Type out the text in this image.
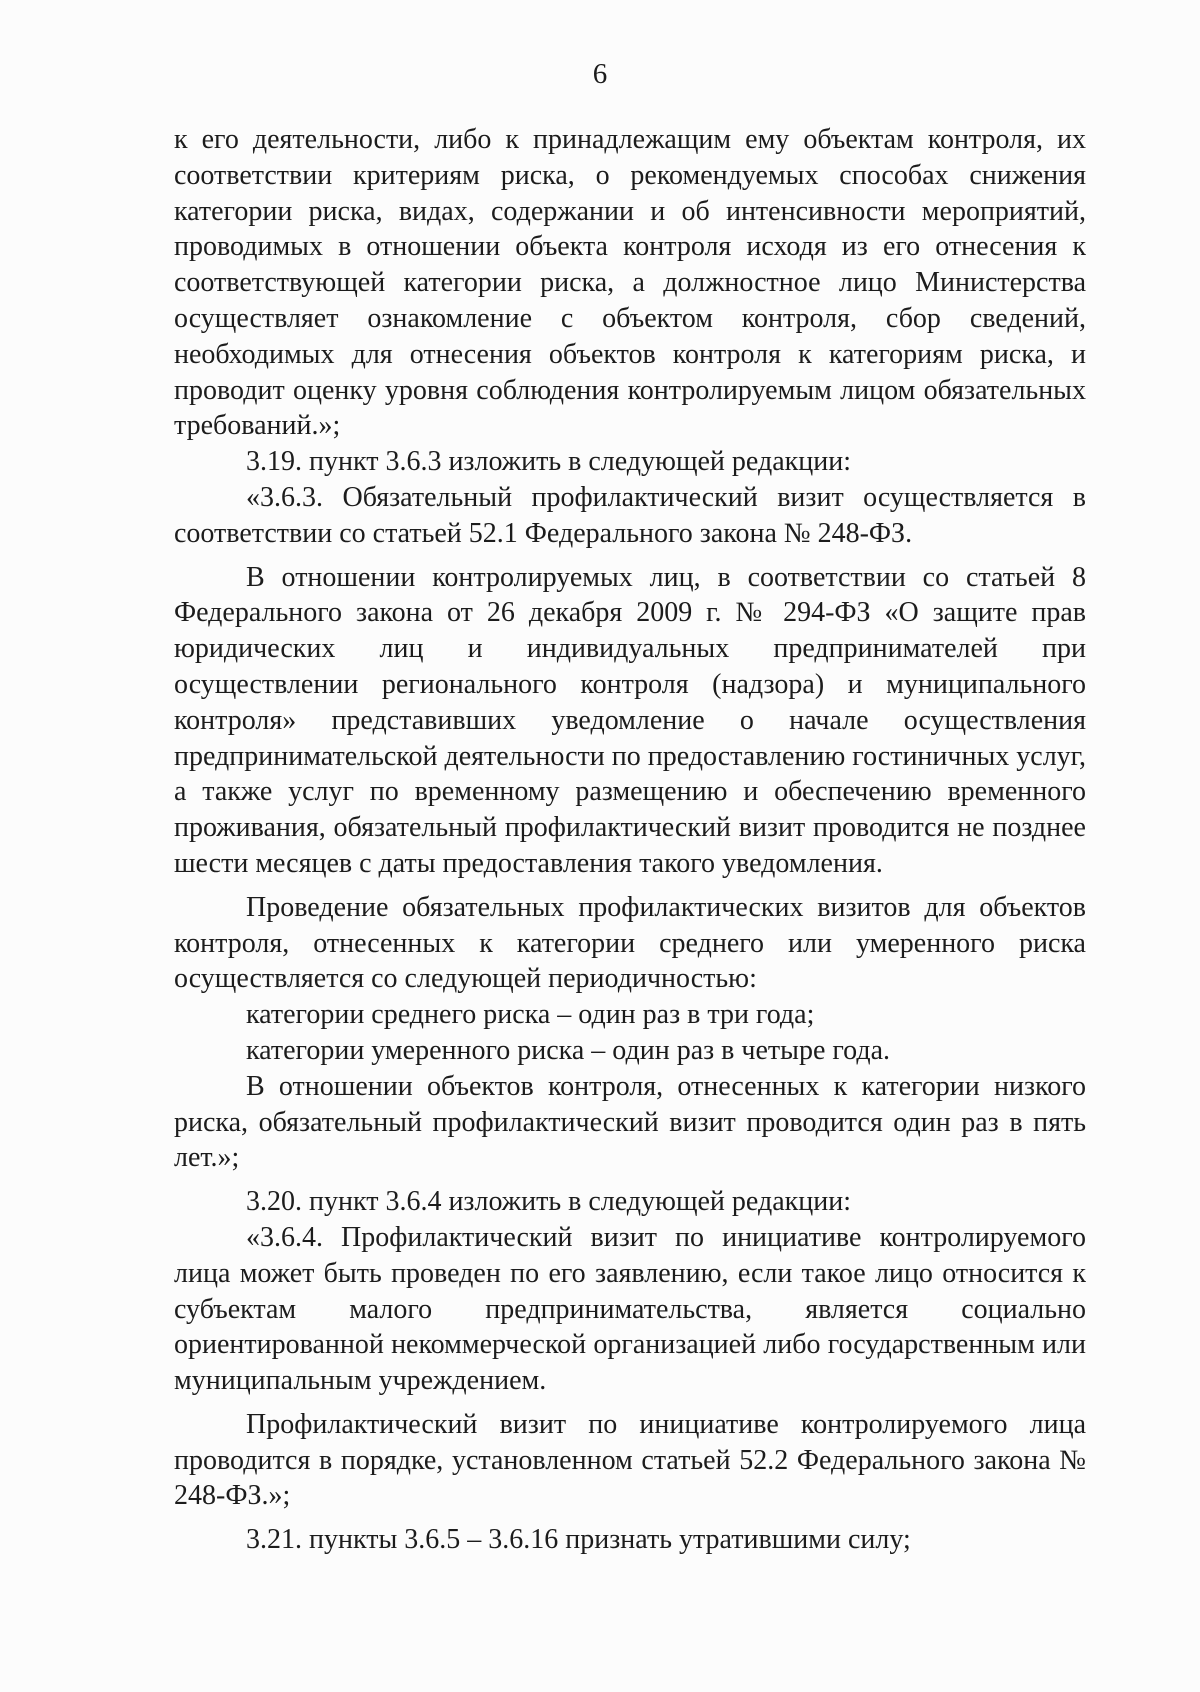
6

к его деятельности, либо к принадлежащим ему объектам контроля, их соответствии критериям риска, о рекомендуемых способах снижения категории риска, видах, содержании и об интенсивности мероприятий, проводимых в отношении объекта контроля исходя из его отнесения к соответствующей категории риска, а должностное лицо Министерства осуществляет ознакомление с объектом контроля, сбор сведений, необходимых для отнесения объектов контроля к категориям риска, и проводит оценку уровня соблюдения контролируемым лицом обязательных требований.»;

3.19. пункт 3.6.3 изложить в следующей редакции:

«3.6.3. Обязательный профилактический визит осуществляется в соответствии со статьей 52.1 Федерального закона № 248-ФЗ.

В отношении контролируемых лиц, в соответствии со статьей 8 Федерального закона от 26 декабря 2009 г. № 294-ФЗ «О защите прав юридических лиц и индивидуальных предпринимателей при осуществлении регионального контроля (надзора) и муниципального контроля» представивших уведомление о начале осуществления предпринимательской деятельности по предоставлению гостиничных услуг, а также услуг по временному размещению и обеспечению временного проживания, обязательный профилактический визит проводится не позднее шести месяцев с даты предоставления такого уведомления.

Проведение обязательных профилактических визитов для объектов контроля, отнесенных к категории среднего или умеренного риска осуществляется со следующей периодичностью:

категории среднего риска – один раз в три года;

категории умеренного риска – один раз в четыре года.

В отношении объектов контроля, отнесенных к категории низкого риска, обязательный профилактический визит проводится один раз в пять лет.»;

3.20. пункт 3.6.4 изложить в следующей редакции:

«3.6.4. Профилактический визит по инициативе контролируемого лица может быть проведен по его заявлению, если такое лицо относится к субъектам малого предпринимательства, является социально ориентированной некоммерческой организацией либо государственным или муниципальным учреждением.

Профилактический визит по инициативе контролируемого лица проводится в порядке, установленном статьей 52.2 Федерального закона № 248-ФЗ.»;

3.21. пункты 3.6.5 – 3.6.16 признать утратившими силу;
